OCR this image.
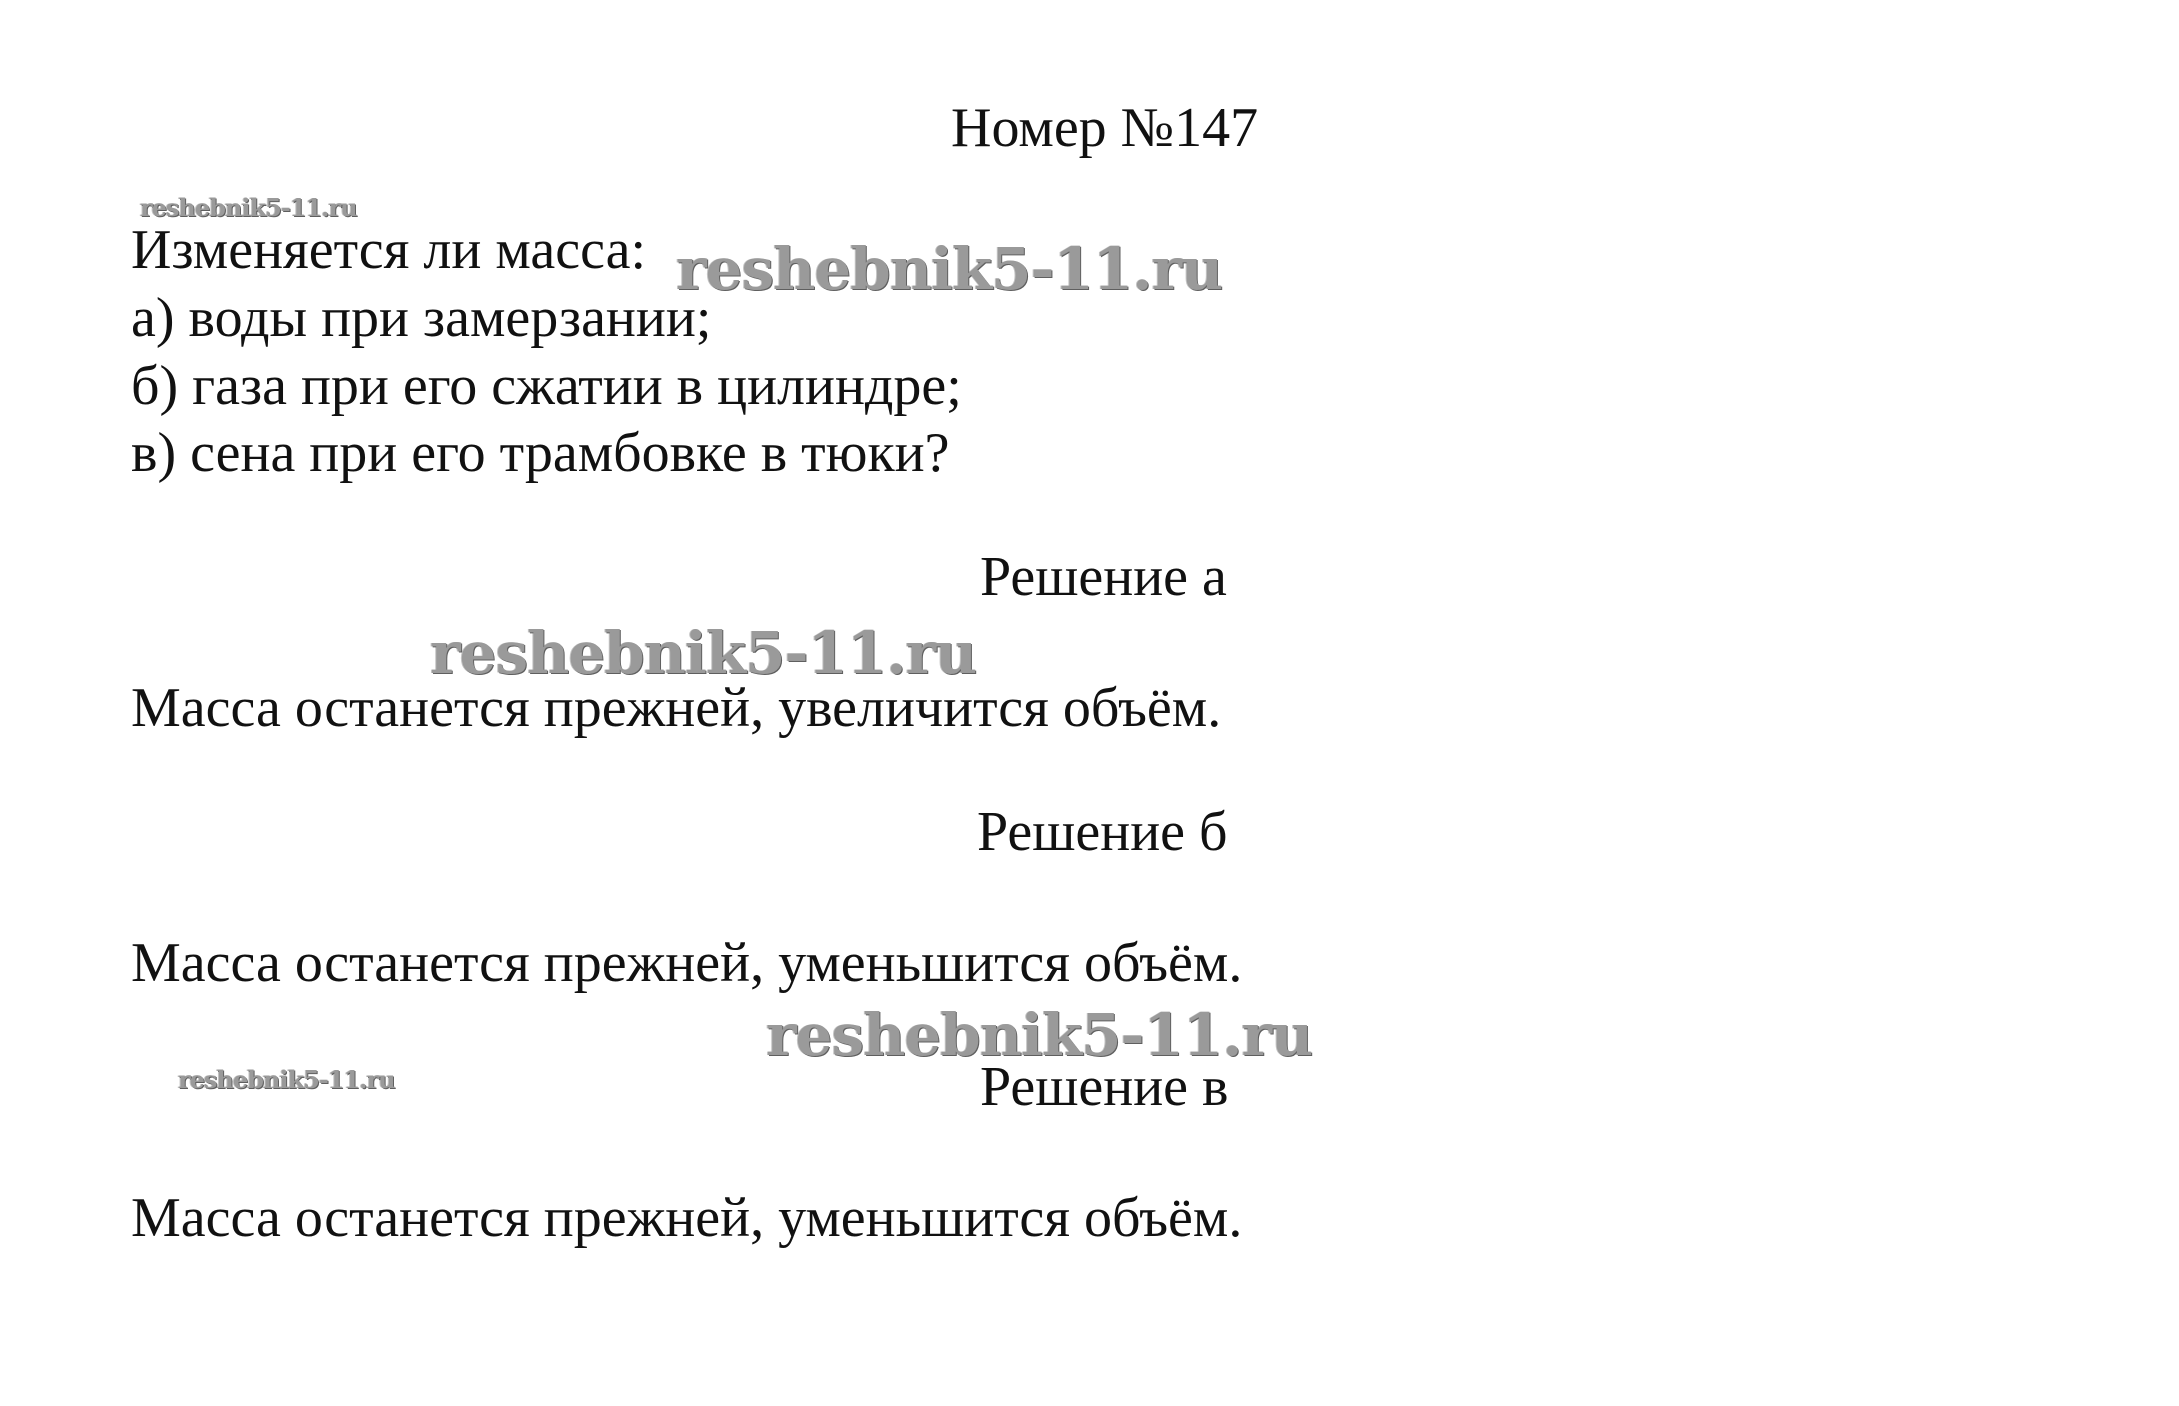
Номер №147
reshebnik5-11.ru

Изменяется ли масса: reshebnik5-11.ru

а) воды при замерзании;

б) газа при его сжатии в цилиндре;

в) сена при его трамбовке в тюки?

Решение а
reshebnik5-11.ru

Масса останется прежней, увеличится объём.

Решение б

Масса останется прежней, уменьшится объём.

reshebnik5-11.ru
reshebnik5-11.ru	Решение в

Масса останется прежней, уменьшится объём.
